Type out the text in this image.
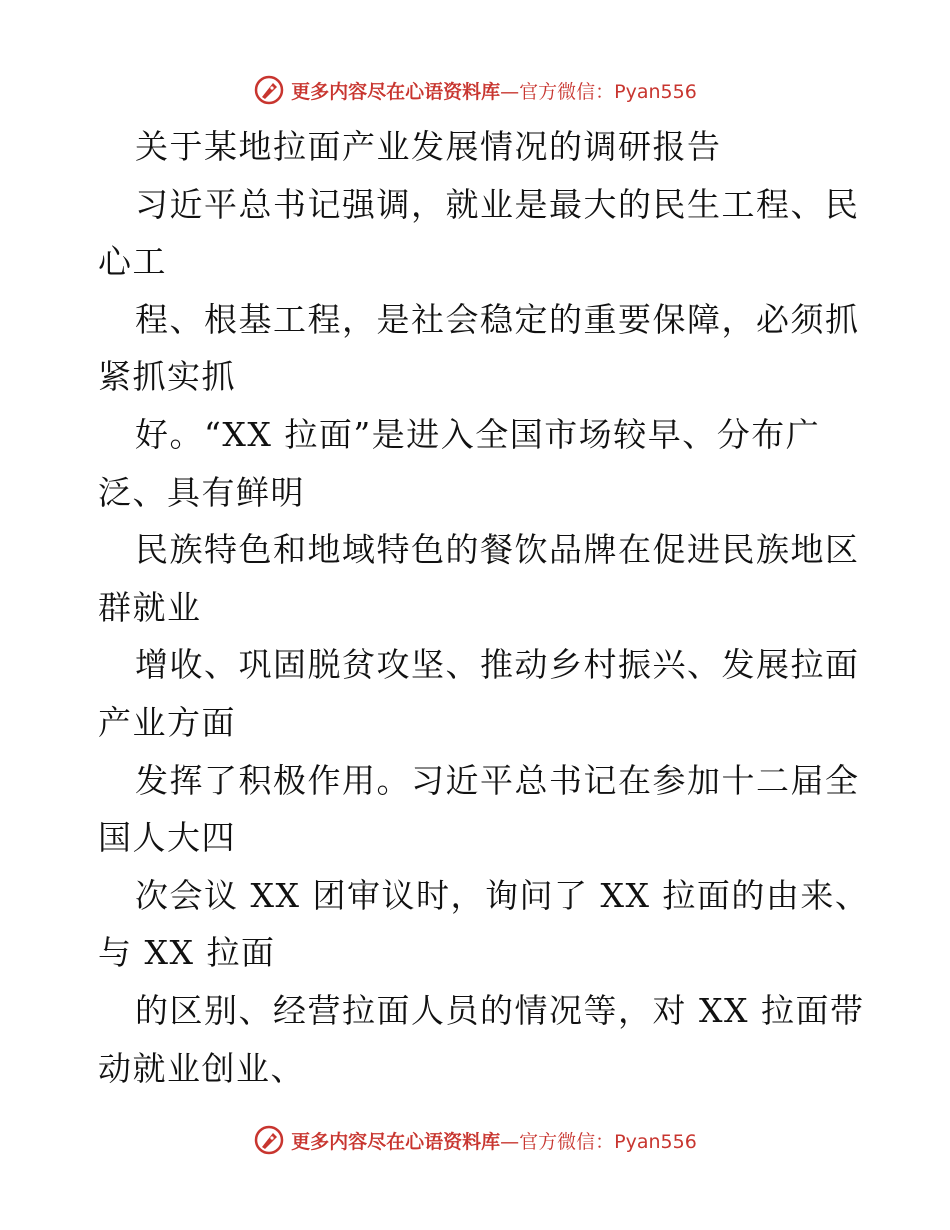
更多内容尽在心语资料库 —官方微信：Pyan556
关于某地拉面产业发展情况的调研报告
习近平总书记强调，就业是最大的民生工程、民
心工
程、根基工程，是社会稳定的重要保障，必须抓
紧抓实抓
好。“XX 拉面”是进入全国市场较早、分布广
泛、具有鲜明
民族特色和地域特色的餐饮品牌在促进民族地区
群就业
增收、巩固脱贫攻坚、推动乡村振兴、发展拉面
产业方面
发挥了积极作用。习近平总书记在参加十二届全
国人大四
次会议 XX 团审议时，询问了 XX 拉面的由来、
与 XX 拉面
的区别、经营拉面人员的情况等，对 XX 拉面带
动就业创业、
更多内容尽在心语资料库 —官方微信：Pyan556
